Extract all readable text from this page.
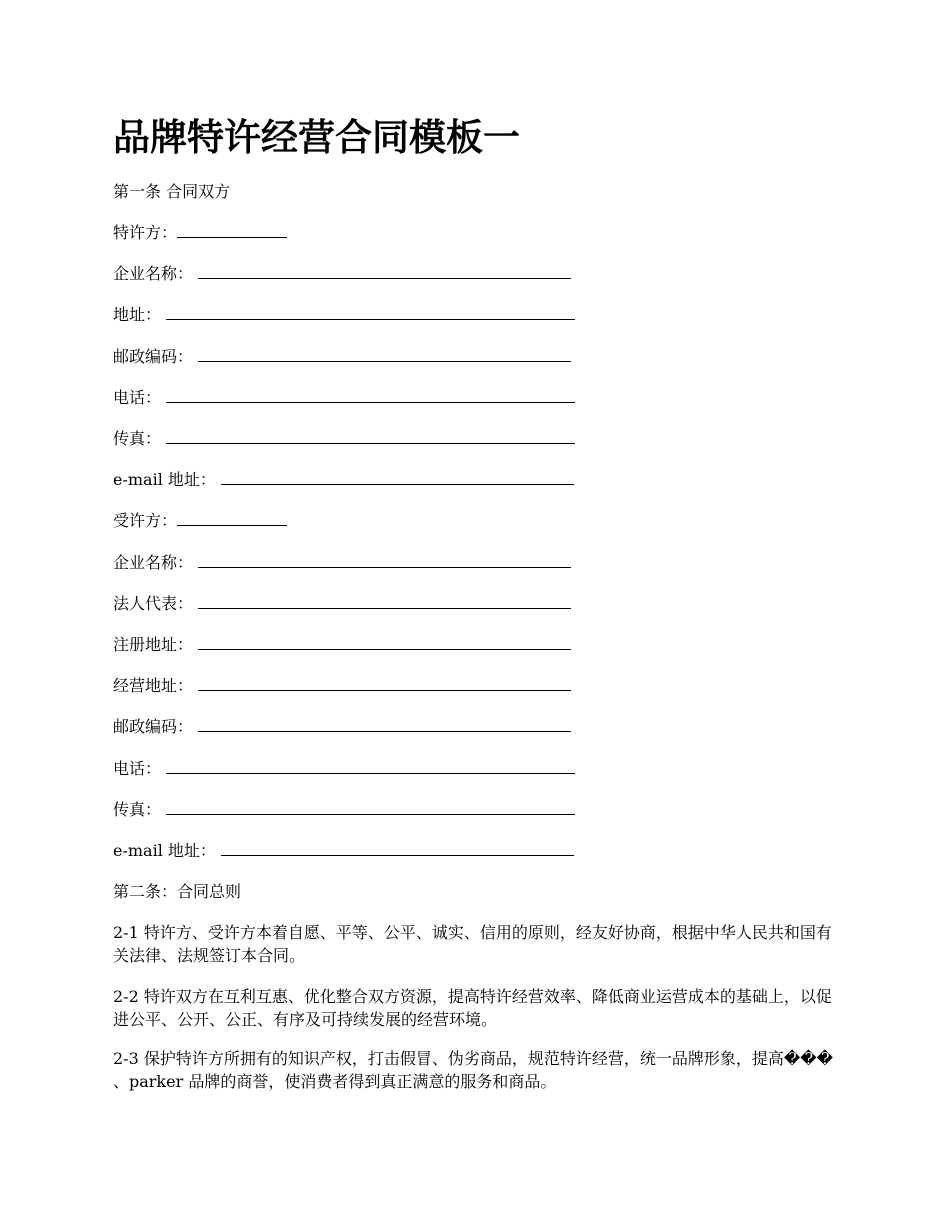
品牌特许经营合同模板一
第一条 合同双方
特许方：
企业名称：
地址：
邮政编码：
电话：
传真：
e-mail 地址：
受许方：
企业名称：
法人代表：
注册地址：
经营地址：
邮政编码：
电话：
传真：
e-mail 地址：
第二条：合同总则

2-1 特许方、受许方本着自愿、平等、公平、诚实、信用的原则，经友好协商，根据中华人民共和国有关法律、法规签订本合同。

2-2 特许双方在互利互惠、优化整合双方资源，提高特许经营效率、降低商业运营成本的基础上，以促进公平、公开、公正、有序及可持续发展的经营环境。

2-3 保护特许方所拥有的知识产权，打击假冒、伪劣商品，规范特许经营，统一品牌形象，提高��� 、parker 品牌的商誉，使消费者得到真正满意的服务和商品。
